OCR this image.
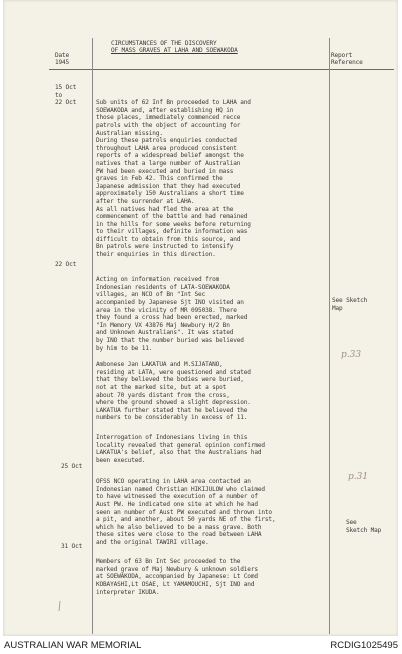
CIRCUMSTANCES OF THE DISCOVERY
OF MASS GRAVES AT LAHA AND SOEWAKODA
Date
1945
Report
Reference
15 Oct
to
22 Oct

	Sub units of 62 Inf Bn proceeded to LAHA and
SOEWAKODA and, after establishing HQ in
those places, immediately commenced recce
patrols with the object of accounting for
Australian missing.
During these patrols enquiries conducted
throughout LAHA area produced consistent
reports of a widespread belief amongst the
natives that a large number of Australian
PW had been executed and buried in mass
graves in Feb 42. This confirmed the
Japanese admission that they had executed
approximately 150 Australians a short time
after the surrender at LAHA.
As all natives had fled the area at the
commencement of the battle and had remained
in the hills for some weeks before returning
to their villages, definite information was
difficult to obtain from this source, and
Bn patrols were instructed to intensify
their enquiries in this direction.

22 Oct

Acting on information received from
Indonesian residents of LATA-SOEWAKODA
villages, an NCO of Bn "Int Sec
accompanied by Japanese Sjt INO visited an
area in the vicinity of MR 095038. There
they found a cross had been erected, marked
"In Memory VX 43876 Maj Newbury H/2 Bn
and Unknown Australians". It was stated
by INO that the number buried was believed
by him to be 11.

See Sketch
Map

Ambonese Jan LAKATUA and M.SIJATANO,
residing at LATA, were questioned and stated
that they believed the bodies were buried,
not at the marked site, but at a spot
about 70 yards distant from the cross,
where the ground showed a slight depression.
LAKATUA further stated that he believed the
numbers to be considerably in excess of 11.

Interrogation of Indonesians living in this
locality revealed that general opinion confirmed
LAKATUA's belief, also that the Australians had
been executed.

25 Oct

OFSS NCO operating in LAHA area contacted an
Indonesian named Christian HIKIJULOW who claimed
to have witnessed the execution of a number of
Aust PW. He indicated one site at which he had
seen an number of Aust PW executed and thrown into
a pit, and another, about 50 yards NE of the first,
which he also believed to be a mass grave. Both
these sites were close to the road between LAHA
and the original TAWIRI village.

See
Sketch Map
31 Oct

Members of 63 Bn Int Sec proceeded to the
marked grave of Maj Newbury & unknown soldiers
at SOEWAKODA, accompanied by Japanese: Lt Comd
KOBAYASHI,Lt OSAE, Lt YAMAMOUCHI, Sjt INO and
interpreter IKUDA.

p.33
p.31
AUSTRALIAN WAR MEMORIAL	RCDIG1025495
